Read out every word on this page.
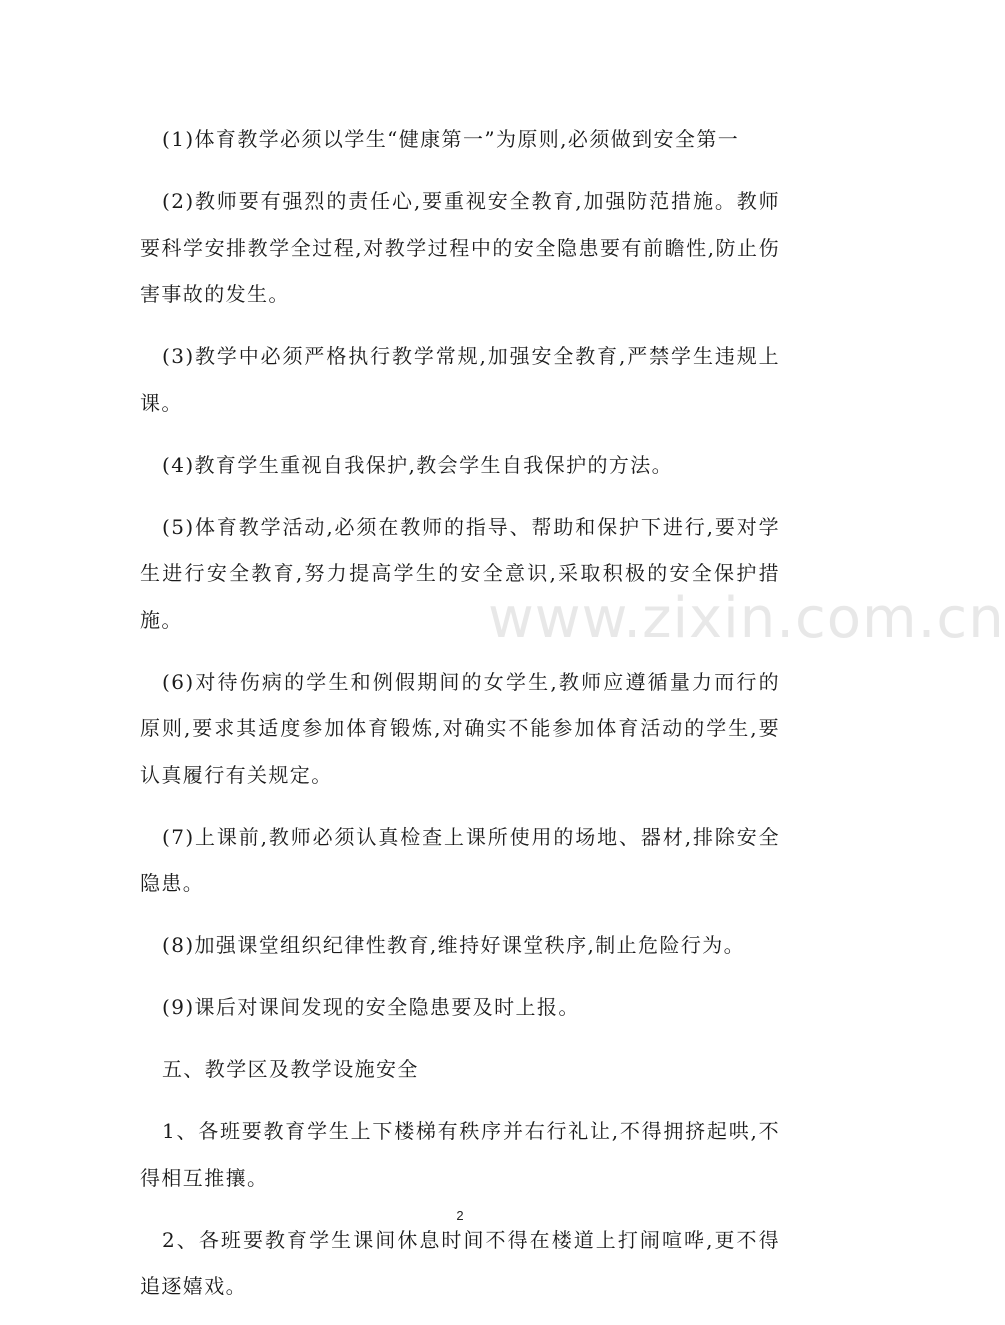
(1)体育教学必须以学生“健康第一”为原则,必须做到安全第一

(2)教师要有强烈的责任心,要重视安全教育,加强防范措施。教师要科学安排教学全过程,对教学过程中的安全隐患要有前瞻性,防止伤害事故的发生。

(3)教学中必须严格执行教学常规,加强安全教育,严禁学生违规上课。

(4)教育学生重视自我保护,教会学生自我保护的方法。

(5)体育教学活动,必须在教师的指导、帮助和保护下进行,要对学生进行安全教育,努力提高学生的安全意识,采取积极的安全保护措施。

(6)对待伤病的学生和例假期间的女学生,教师应遵循量力而行的原则,要求其适度参加体育锻炼,对确实不能参加体育活动的学生,要认真履行有关规定。

(7)上课前,教师必须认真检查上课所使用的场地、器材,排除安全隐患。

(8)加强课堂组织纪律性教育,维持好课堂秩序,制止危险行为。

(9)课后对课间发现的安全隐患要及时上报。

五、教学区及教学设施安全

1、各班要教育学生上下楼梯有秩序并右行礼让,不得拥挤起哄,不得相互推攘。

2、各班要教育学生课间休息时间不得在楼道上打闹喧哗,更不得追逐嬉戏。

www.zixin.com.cn
2
